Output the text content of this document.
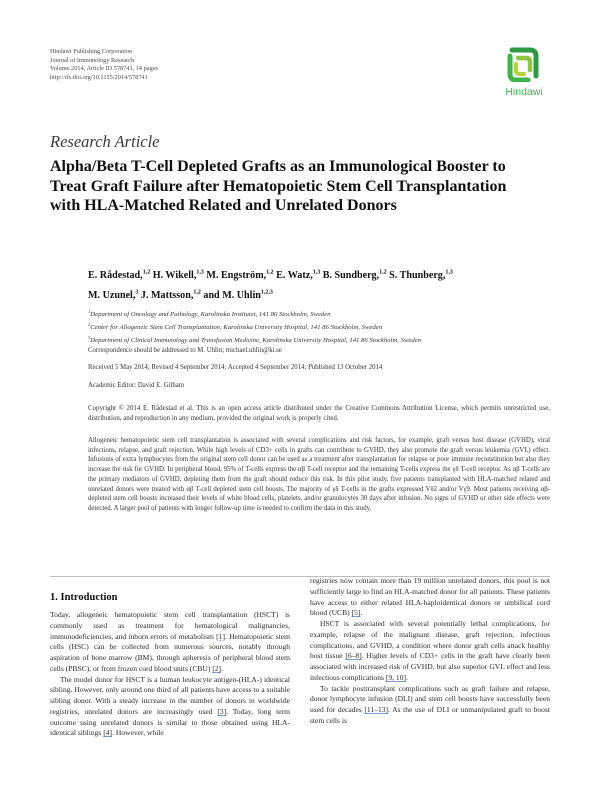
Hindawi Publishing Corporation
Journal of Immunology Research
Volume 2014, Article ID 578741, 14 pages
http://dx.doi.org/10.1155/2014/578741
Hindawi
Research Article
Alpha/Beta T-Cell Depleted Grafts as an Immunological Booster to Treat Graft Failure after Hematopoietic Stem Cell Transplantation with HLA-Matched Related and Unrelated Donors
E. Rådestad,$^{1,2}$ H. Wikell,$^{1,3}$ M. Engström,$^{1,2}$ E. Watz,$^{1,3}$ B. Sundberg,$^{1,2}$ S. Thunberg,$^{1,3}$
M. Uzunel,$^3$ J. Mattsson,$^{1,2}$ and M. Uhlin$^{1,2,3}$
$^1$Department of Oncology and Pathology, Karolinska Institutet, 141 86 Stockholm, Sweden
$^2$Center for Allogeneic Stem Cell Transplantation, Karolinska University Hospital, 141 86 Stockholm, Sweden
$^3$Department of Clinical Immunology and Transfusion Medicine, Karolinska University Hospital, 141 86 Stockholm, Sweden
Correspondence should be addressed to M. Uhlin; michael.uhlin@ki.se
Received 5 May 2014; Revised 4 September 2014; Accepted 4 September 2014; Published 13 October 2014
Academic Editor: David E. Gilham
Copyright © 2014 E. Rådestad et al. This is an open access article distributed under the Creative Commons Attribution License, which permits unrestricted use, distribution, and reproduction in any medium, provided the original work is properly cited.
Allogeneic hematopoietic stem cell transplantation is associated with several complications and risk factors, for example, graft versus host disease (GVHD), viral infections, relapse, and graft rejection. While high levels of CD3+ cells in grafts can contribute to GVHD, they also promote the graft versus leukemia (GVL) effect. Infusions of extra lymphocytes from the original stem cell donor can be used as a treatment after transplantation for relapse or poor immune reconstitution but also they increase the risk for GVHD. In peripheral blood, 95% of T-cells express the αβ T-cell receptor and the remaining T-cells express the γδ T-cell receptor. As αβ T-cells are the primary mediators of GVHD, depleting them from the graft should reduce this risk. In this pilot study, five patients transplanted with HLA-matched related and unrelated donors were treated with αβ T-cell depleted stem cell boosts. The majority of γδ T-cells in the grafts expressed Vδ2 and/or Vγ9. Most patients receiving αβ-depleted stem cell boosts increased their levels of white blood cells, platelets, and/or granulocytes 30 days after infusion. No signs of GVHD or other side effects were detected. A larger pool of patients with longer follow-up time is needed to confirm the data in this study.
1. Introduction

Today, allogeneic hematopoietic stem cell transplantation (HSCT) is commonly used as treatment for hematological malignancies, immunodeficiencies, and inborn errors of metabolism [1]. Hematopoietic stem cells (HSC) can be collected from numerous sources, notably through aspiration of bone marrow (BM), through apheresis of peripheral blood stem cells (PBSC), or from frozen cord blood units (CBU) [2].

The model donor for HSCT is a human leukocyte antigen-(HLA-) identical sibling. However, only around one third of all patients have access to a suitable sibling donor. With a steady increase in the number of donors in worldwide registries, unrelated donors are increasingly used [3]. Today, long term outcome using unrelated donors is similar to those obtained using HLA-identical siblings [4]. However, while

registries now contain more than 19 million unrelated donors, this pool is not sufficiently large to find an HLA-matched donor for all patients. These patients have access to either related HLA-haploidentical donors or umbilical cord blood (UCB) [5].

HSCT is associated with several potentially lethal complications, for example, relapse of the malignant disease, graft rejection, infectious complications, and GVHD, a condition where donor graft cells attack healthy host tissue [6–8]. Higher levels of CD3+ cells in the graft have clearly been associated with increased risk of GVHD, but also superior GVL effect and less infectious complications [9, 10].

To tackle posttransplant complications such as graft failure and relapse, donor lymphocyte infusion (DLI) and stem cell boosts have successfully been used for decades [11–13]. As the use of DLI or unmanipulated graft to boost stem cells is
